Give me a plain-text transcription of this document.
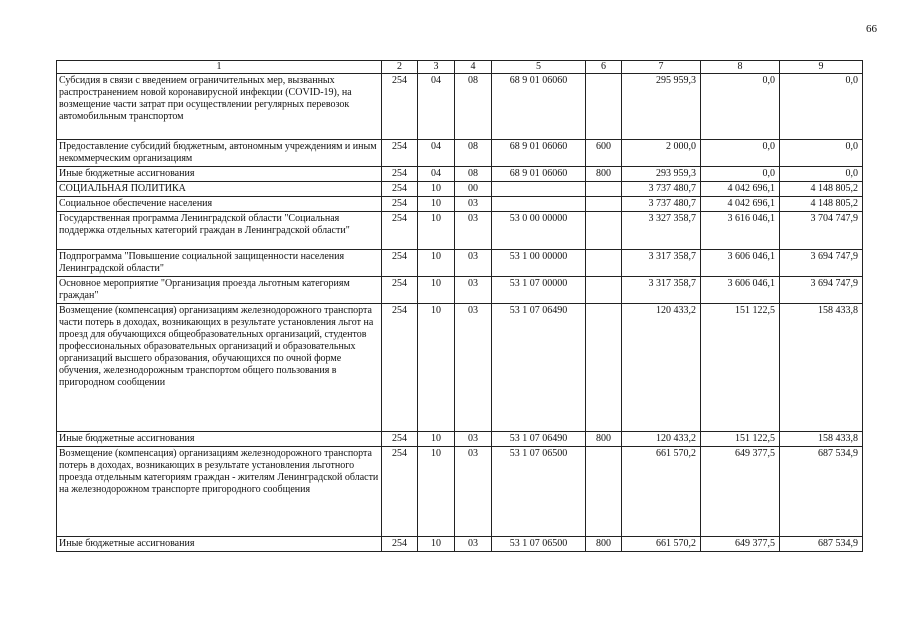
66
1	2	3	4	5	6	7	8	9
Субсидия в связи с введением ограничительных мер, вызванных распространением новой коронавирусной инфекции (COVID-19), на возмещение части затрат при осуществлении регулярных перевозок автомобильным транспортом	254	04	08	68 9 01 06060		295 959,3	0,0	0,0
Предоставление субсидий бюджетным, автономным учреждениям и иным некоммерческим организациям	254	04	08	68 9 01 06060	600	2 000,0	0,0	0,0
Иные бюджетные ассигнования	254	04	08	68 9 01 06060	800	293 959,3	0,0	0,0
СОЦИАЛЬНАЯ ПОЛИТИКА	254	10	00			3 737 480,7	4 042 696,1	4 148 805,2
Социальное обеспечение населения	254	10	03			3 737 480,7	4 042 696,1	4 148 805,2
Государственная программа Ленинградской области "Социальная поддержка отдельных категорий граждан в Ленинградской области"	254	10	03	53 0 00 00000		3 327 358,7	3 616 046,1	3 704 747,9
Подпрограмма "Повышение социальной защищенности населения Ленинградской области"	254	10	03	53 1 00 00000		3 317 358,7	3 606 046,1	3 694 747,9
Основное мероприятие "Организация проезда льготным категориям граждан"	254	10	03	53 1 07 00000		3 317 358,7	3 606 046,1	3 694 747,9
Возмещение (компенсация) организациям железнодорожного транспорта части потерь в доходах, возникающих в результате установления льгот на проезд для обучающихся общеобразовательных организаций, студентов профессиональных образовательных организаций и образовательных организаций высшего образования, обучающихся по очной форме обучения, железнодорожным транспортом общего пользования в пригородном сообщении	254	10	03	53 1 07 06490		120 433,2	151 122,5	158 433,8
Иные бюджетные ассигнования	254	10	03	53 1 07 06490	800	120 433,2	151 122,5	158 433,8
Возмещение (компенсация) организациям железнодорожного транспорта потерь в доходах, возникающих в результате установления льготного проезда отдельным категориям граждан - жителям Ленинградской области на железнодорожном транспорте пригородного сообщения	254	10	03	53 1 07 06500		661 570,2	649 377,5	687 534,9
Иные бюджетные ассигнования	254	10	03	53 1 07 06500	800	661 570,2	649 377,5	687 534,9
